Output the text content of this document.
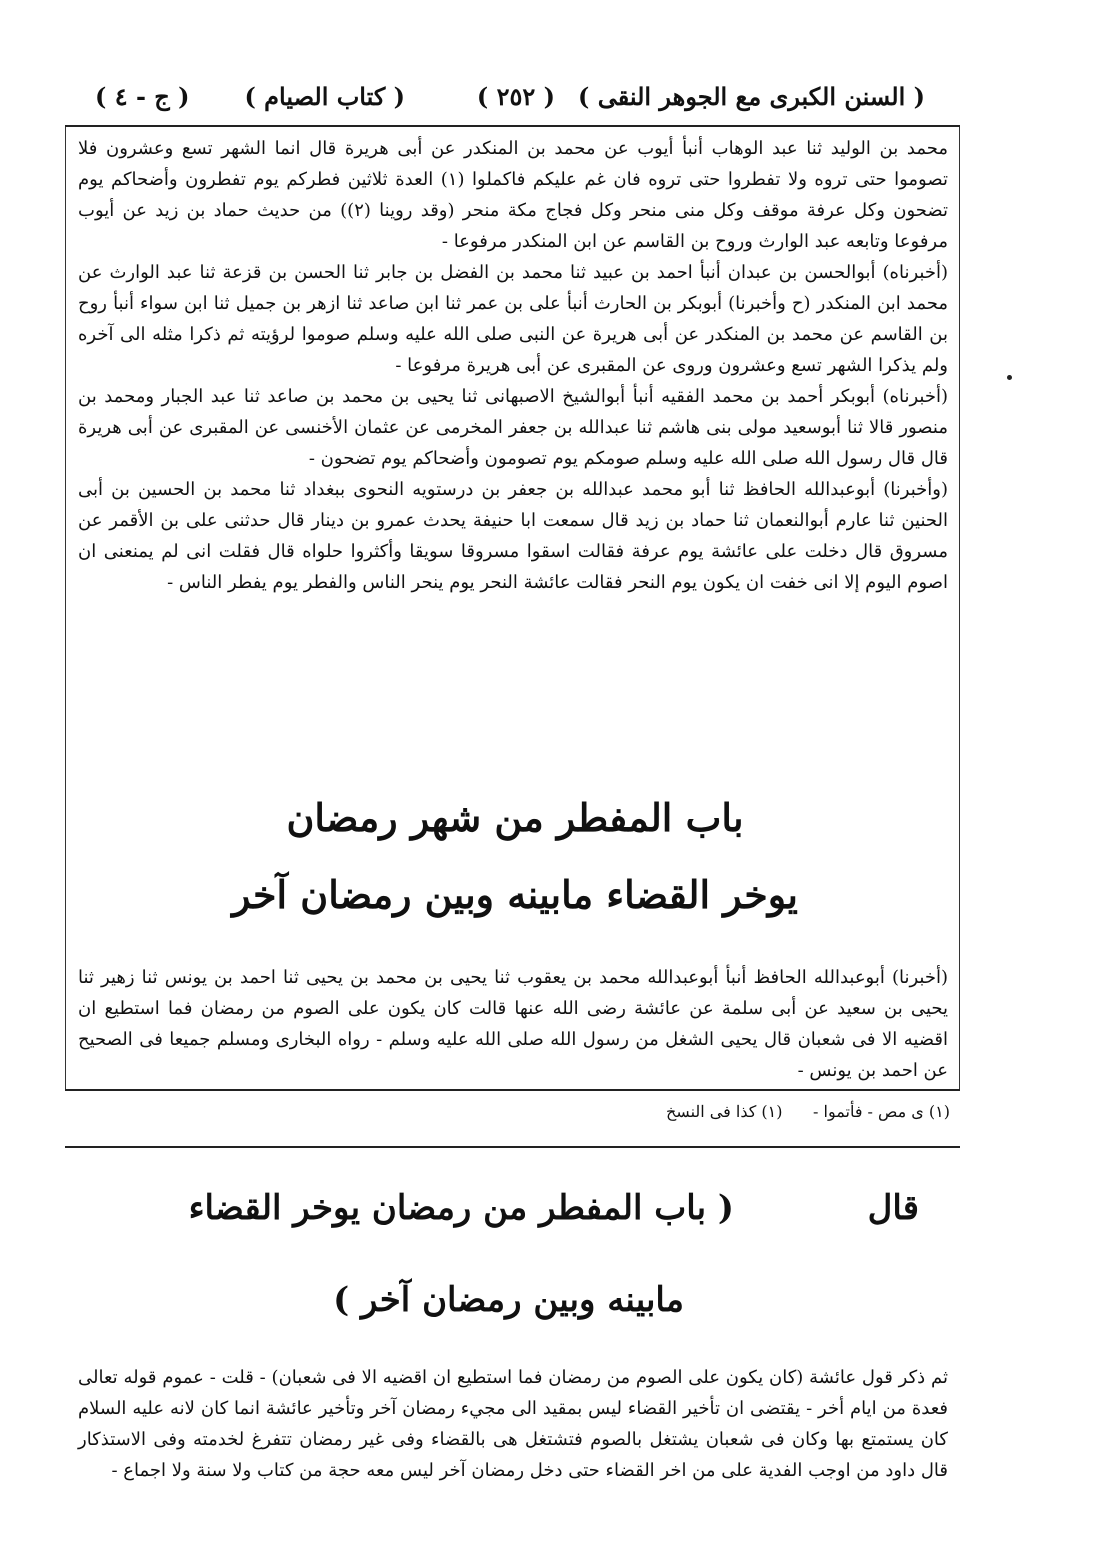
( السنن الكبرى مع الجوهر النقى )
( ٢٥٢ )
( كتاب الصيام )
( ج - ٤ )

محمد بن الوليد ثنا عبد الوهاب أنبأ أيوب عن محمد بن المنكدر عن أبى هريرة قال انما الشهر تسع وعشرون فلا تصوموا حتى تروه ولا تفطروا حتى تروه فان غم عليكم فاكملوا (١) العدة ثلاثين فطركم يوم تفطرون وأضحاكم يوم تضحون وكل عرفة موقف وكل منى منحر وكل فجاج مكة منحر (وقد روينا (٢)) من حديث حماد بن زيد عن أيوب مرفوعا وتابعه عبد الوارث وروح بن القاسم عن ابن المنكدر مرفوعا -

(أخبرناه) أبوالحسن بن عبدان أنبأ احمد بن عبيد ثنا محمد بن الفضل بن جابر ثنا الحسن بن قزعة ثنا عبد الوارث عن محمد ابن المنكدر (ح وأخبرنا) أبوبكر بن الحارث أنبأ على بن عمر ثنا ابن صاعد ثنا ازهر بن جميل ثنا ابن سواء أنبأ روح بن القاسم عن محمد بن المنكدر عن أبى هريرة عن النبى صلى الله عليه وسلم صوموا لرؤيته ثم ذكرا مثله الى آخره ولم يذكرا الشهر تسع وعشرون وروى عن المقبرى عن أبى هريرة مرفوعا -

(أخبرناه) أبوبكر أحمد بن محمد الفقيه أنبأ أبوالشيخ الاصبهانى ثنا يحيى بن محمد بن صاعد ثنا عبد الجبار ومحمد بن منصور قالا ثنا أبوسعيد مولى بنى هاشم ثنا عبدالله بن جعفر المخرمى عن عثمان الأخنسى عن المقبرى عن أبى هريرة قال قال رسول الله صلى الله عليه وسلم صومكم يوم تصومون وأضحاكم يوم تضحون -

(وأخبرنا) أبوعبدالله الحافظ ثنا أبو محمد عبدالله بن جعفر بن درستويه النحوى ببغداد ثنا محمد بن الحسين بن أبى الحنين ثنا عارم أبوالنعمان ثنا حماد بن زيد قال سمعت ابا حنيفة يحدث عمرو بن دينار قال حدثنى على بن الأقمر عن مسروق قال دخلت على عائشة يوم عرفة فقالت اسقوا مسروقا سويقا وأكثروا حلواه قال فقلت انى لم يمنعنى ان اصوم اليوم إلا انى خفت ان يكون يوم النحر فقالت عائشة النحر يوم ينحر الناس والفطر يوم يفطر الناس -

باب المفطر من شهر رمضان
يوخر القضاء مابينه وبين رمضان آخر

(أخبرنا) أبوعبدالله الحافظ أنبأ أبوعبدالله محمد بن يعقوب ثنا يحيى بن محمد بن يحيى ثنا احمد بن يونس ثنا زهير ثنا يحيى بن سعيد عن أبى سلمة عن عائشة رضى الله عنها قالت كان يكون على الصوم من رمضان فما استطيع ان اقضيه الا فى شعبان قال يحيى الشغل من رسول الله صلى الله عليه وسلم - رواه البخارى ومسلم جميعا فى الصحيح عن احمد بن يونس -

(١) ى مص - فأتموا -      (١) كذا فى النسخ
قال
( باب المفطر من رمضان يوخر القضاء
مابينه وبين رمضان آخر )

ثم ذكر قول عائشة (كان يكون على الصوم من رمضان فما استطيع ان اقضيه الا فى شعبان) - قلت - عموم قوله تعالى فعدة من ايام أخر - يقتضى ان تأخير القضاء ليس بمقيد الى مجيء رمضان آخر وتأخير عائشة انما كان لانه عليه السلام كان يستمتع بها وكان فى شعبان يشتغل بالصوم فتشتغل هى بالقضاء وفى غير رمضان تتفرغ لخدمته وفى الاستذكار قال داود من اوجب الفدية على من اخر القضاء حتى دخل رمضان آخر ليس معه حجة من كتاب ولا سنة ولا اجماع -
